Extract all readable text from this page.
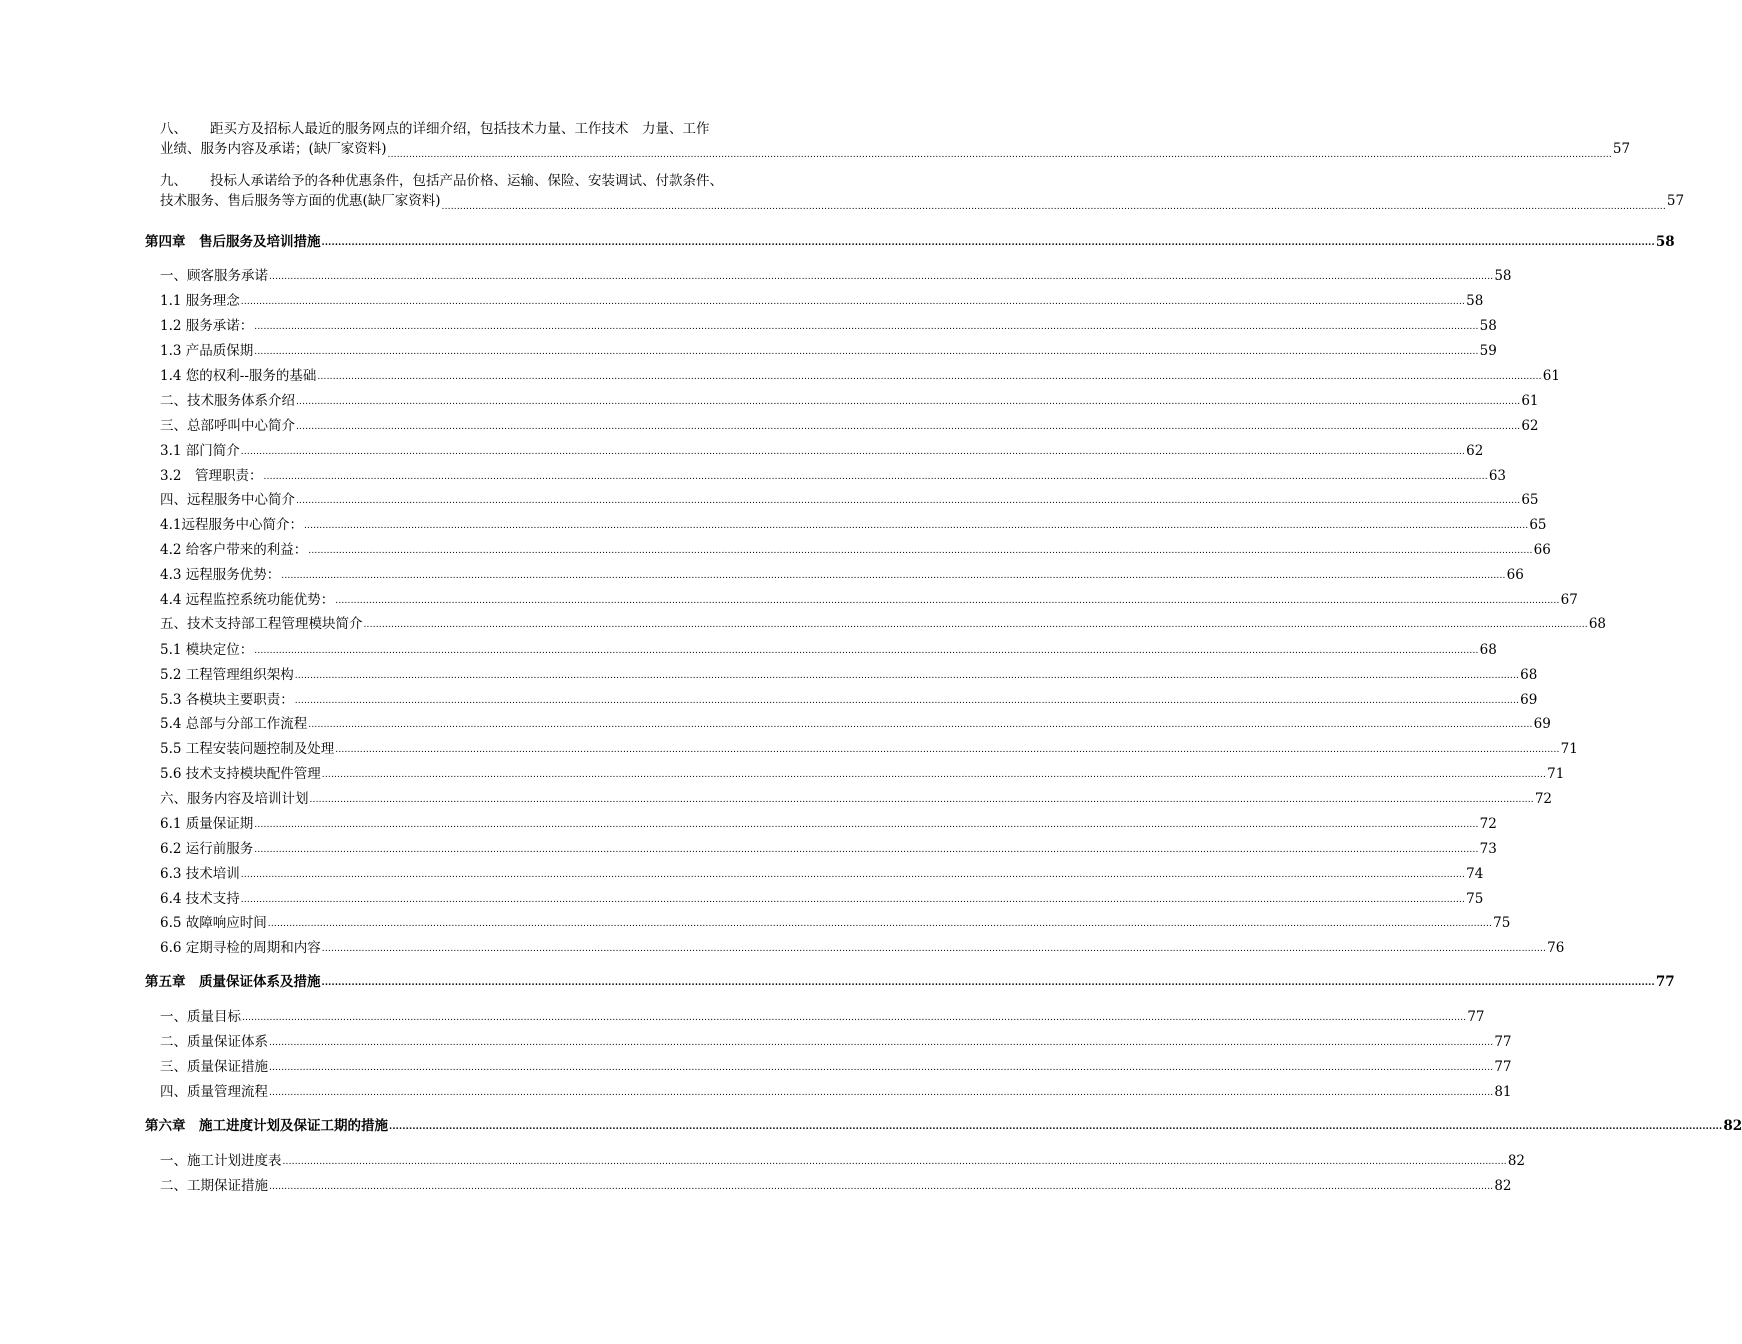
八、	距买方及招标人最近的服务网点的详细介绍，包括技术力量、工作技术　力量、工作
业绩、服务内容及承诺；(缺厂家资料) ................................................................................................................................................................................................................................................................................................................................................................................................................ 57
九、	投标人承诺给予的各种优惠条件，包括产品价格、运输、保险、安装调试、付款条件、
技术服务、售后服务等方面的优惠(缺厂家资料) ................................................................................................................................................................................................................................................................................................................................................................................................................ 57
第四章　售后服务及培训措施 ................................................................................................................................................................................................................................................................................................................................................................................................................ 58
一、顾客服务承诺 ................................................................................................................................................................................................................................................................................................................................................................................................................ 58
1.1 服务理念 ................................................................................................................................................................................................................................................................................................................................................................................................................ 58
1.2 服务承诺： ................................................................................................................................................................................................................................................................................................................................................................................................................ 58
1.3 产品质保期 ................................................................................................................................................................................................................................................................................................................................................................................................................ 59
1.4 您的权利--服务的基础 ................................................................................................................................................................................................................................................................................................................................................................................................................ 61
二、技术服务体系介绍 ................................................................................................................................................................................................................................................................................................................................................................................................................ 61
三、总部呼叫中心简介 ................................................................................................................................................................................................................................................................................................................................................................................................................ 62
3.1 部门简介 ................................................................................................................................................................................................................................................................................................................................................................................................................ 62
3.2　管理职责： ................................................................................................................................................................................................................................................................................................................................................................................................................ 63
四、远程服务中心简介 ................................................................................................................................................................................................................................................................................................................................................................................................................ 65
4.1远程服务中心简介： ................................................................................................................................................................................................................................................................................................................................................................................................................ 65
4.2 给客户带来的利益： ................................................................................................................................................................................................................................................................................................................................................................................................................ 66
4.3 远程服务优势： ................................................................................................................................................................................................................................................................................................................................................................................................................ 66
4.4 远程监控系统功能优势： ................................................................................................................................................................................................................................................................................................................................................................................................................ 67
五、技术支持部工程管理模块简介 ................................................................................................................................................................................................................................................................................................................................................................................................................ 68
5.1 模块定位： ................................................................................................................................................................................................................................................................................................................................................................................................................ 68
5.2 工程管理组织架构 ................................................................................................................................................................................................................................................................................................................................................................................................................ 68
5.3 各模块主要职责： ................................................................................................................................................................................................................................................................................................................................................................................................................ 69
5.4 总部与分部工作流程 ................................................................................................................................................................................................................................................................................................................................................................................................................ 69
5.5 工程安装问题控制及处理 ................................................................................................................................................................................................................................................................................................................................................................................................................ 71
5.6 技术支持模块配件管理 ................................................................................................................................................................................................................................................................................................................................................................................................................ 71
六、服务内容及培训计划 ................................................................................................................................................................................................................................................................................................................................................................................................................ 72
6.1 质量保证期 ................................................................................................................................................................................................................................................................................................................................................................................................................ 72
6.2 运行前服务 ................................................................................................................................................................................................................................................................................................................................................................................................................ 73
6.3 技术培训 ................................................................................................................................................................................................................................................................................................................................................................................................................ 74
6.4 技术支持 ................................................................................................................................................................................................................................................................................................................................................................................................................ 75
6.5 故障响应时间 ................................................................................................................................................................................................................................................................................................................................................................................................................ 75
6.6 定期寻检的周期和内容 ................................................................................................................................................................................................................................................................................................................................................................................................................ 76
第五章　质量保证体系及措施 ................................................................................................................................................................................................................................................................................................................................................................................................................ 77
一、质量目标 ................................................................................................................................................................................................................................................................................................................................................................................................................ 77
二、质量保证体系 ................................................................................................................................................................................................................................................................................................................................................................................................................ 77
三、质量保证措施 ................................................................................................................................................................................................................................................................................................................................................................................................................ 77
四、质量管理流程 ................................................................................................................................................................................................................................................................................................................................................................................................................ 81
第六章　施工进度计划及保证工期的措施 ................................................................................................................................................................................................................................................................................................................................................................................................................ 82
一、施工计划进度表 ................................................................................................................................................................................................................................................................................................................................................................................................................ 82
二、工期保证措施 ................................................................................................................................................................................................................................................................................................................................................................................................................ 82
